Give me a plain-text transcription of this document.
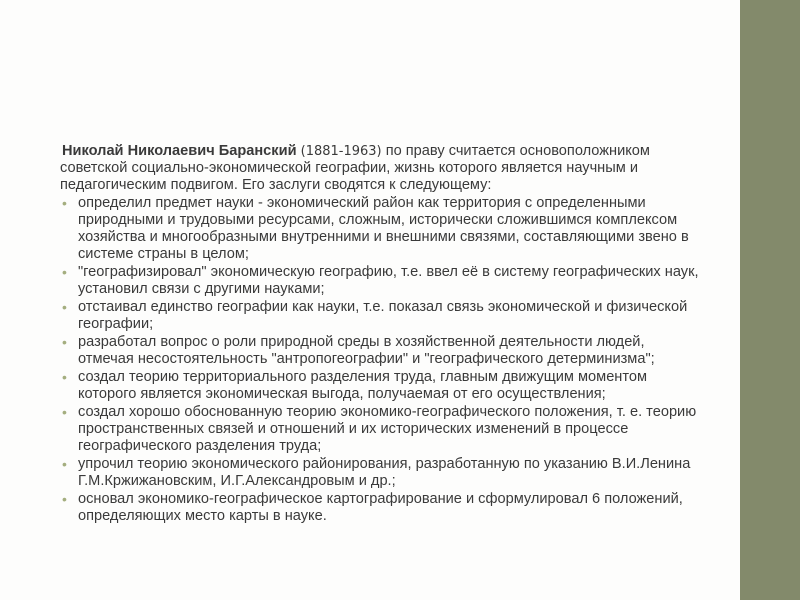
Николай Николаевич Баранский (1881-1963) по праву считается основоположником советской социально-экономической географии, жизнь которого является научным и педагогическим подвигом. Его заслуги сводятся к следующему:

• определил предмет науки - экономический район как территория с определенными природными и трудовыми ресурсами, сложным, исторически сложившимся комплексом хозяйства и многообразными внутренними и внешними связями, составляющими звено в системе страны в целом;
• "географизировал" экономическую географию, т.е. ввел её в систему географических наук, установил связи с другими науками;
• отстаивал единство географии как науки, т.е. показал связь экономической и физической географии;
• разработал вопрос о роли природной среды в хозяйственной деятельности людей, отмечая несостоятельность "антропогеографии" и "географического детерминизма";
• создал теорию территориального разделения труда, главным движущим моментом которого является экономическая выгода, получаемая от его осуществления;
• создал хорошо обоснованную теорию экономико-географического положения, т. е. теорию пространственных связей и отношений и их исторических изменений в процессе географического разделения труда;
• упрочил теорию экономического районирования, разработанную по указанию В.И.Ленина Г.М.Кржижановским, И.Г.Александровым и др.;
• основал экономико-географическое картографирование и сформулировал 6 положений, определяющих место карты в науке.
